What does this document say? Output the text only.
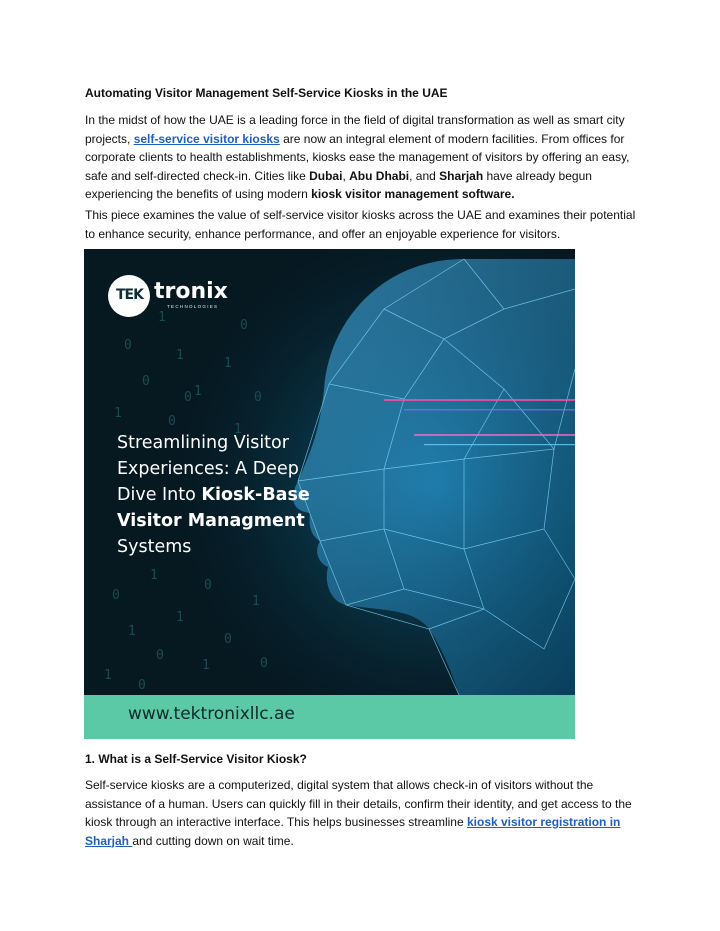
Automating Visitor Management Self-Service Kiosks in the UAE

In the midst of how the UAE is a leading force in the field of digital transformation as well as smart city projects, self-service visitor kiosks are now an integral element of modern facilities. From offices for corporate clients to health establishments, kiosks ease the management of visitors by offering an easy, safe and self-directed check-in. Cities like Dubai, Abu Dhabi, and Sharjah have already begun experiencing the benefits of using modern kiosk visitor management software.

This piece examines the value of self-service visitor kiosks across the UAE and examines their potential to enhance security, enhance performance, and offer an enjoyable experience for visitors.

1
0
0
1
1
0
1	0
1
0
1
1
0
0	1
1
1
0
0
1
1
0
0
0
TEK tronix
TECHNOLOGIES
Streamlining Visitor
Experiences: A Deep
Dive Into Kiosk-Base
Visitor Managment
Systems
www.tektronixllc.ae
1. What is a Self-Service Visitor Kiosk?

Self-service kiosks are a computerized, digital system that allows check-in of visitors without the assistance of a human. Users can quickly fill in their details, confirm their identity, and get access to the kiosk through an interactive interface. This helps businesses streamline kiosk visitor registration in Sharjah and cutting down on wait time.
